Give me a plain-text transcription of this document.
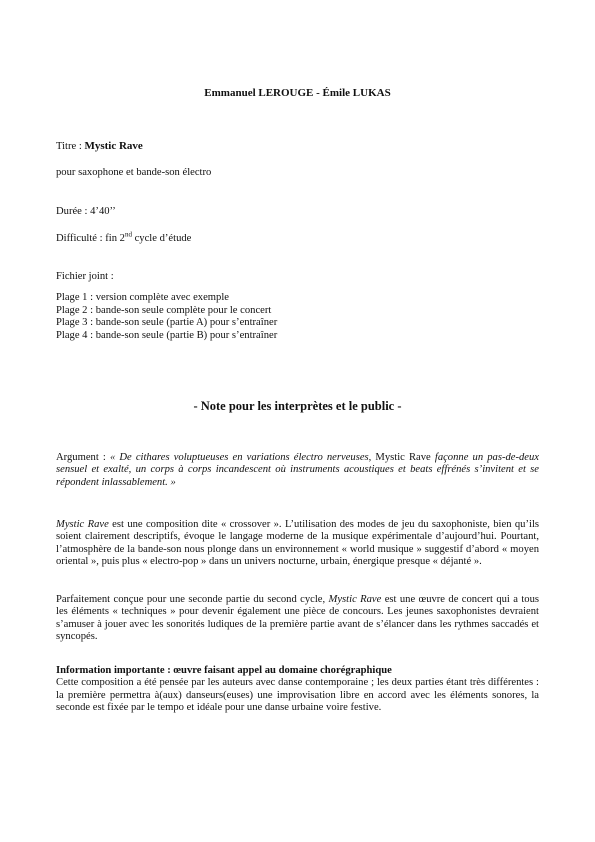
Emmanuel LEROUGE - Émile LUKAS
Titre : Mystic Rave
pour saxophone et bande-son électro
Durée : 4’40’’
Difficulté : fin 2nd cycle d’étude
Fichier joint :
Plage 1 : version complète avec exemple
Plage 2 : bande-son seule complète pour le concert
Plage 3 : bande-son seule (partie A) pour s’entraîner
Plage 4 : bande-son seule (partie B) pour s’entraîner
- Note pour les interprètes et le public -

Argument : « De cithares voluptueuses en variations électro nerveuses, Mystic Rave façonne un pas-de-deux sensuel et exalté, un corps à corps incandescent où instruments acoustiques et beats effrénés s’invitent et se répondent inlassablement. »

Mystic Rave est une composition dite « crossover ». L’utilisation des modes de jeu du saxophoniste, bien qu’ils soient clairement descriptifs, évoque le langage moderne de la musique expérimentale d’aujourd’hui. Pourtant, l’atmosphère de la bande-son nous plonge dans un environnement « world musique » suggestif d’abord « moyen oriental », puis plus « electro-pop » dans un univers nocturne, urbain, énergique presque « déjanté ».

Parfaitement conçue pour une seconde partie du second cycle, Mystic Rave est une œuvre de concert qui a tous les éléments « techniques » pour devenir également une pièce de concours. Les jeunes saxophonistes devraient s’amuser à jouer avec les sonorités ludiques de la première partie avant de s’élancer dans les rythmes saccadés et syncopés.

Information importante : œuvre faisant appel au domaine chorégraphique

Cette composition a été pensée par les auteurs avec danse contemporaine ; les deux parties étant très différentes : la première permettra à(aux) danseurs(euses) une improvisation libre en accord avec les éléments sonores, la seconde est fixée par le tempo et idéale pour une danse urbaine voire festive.
